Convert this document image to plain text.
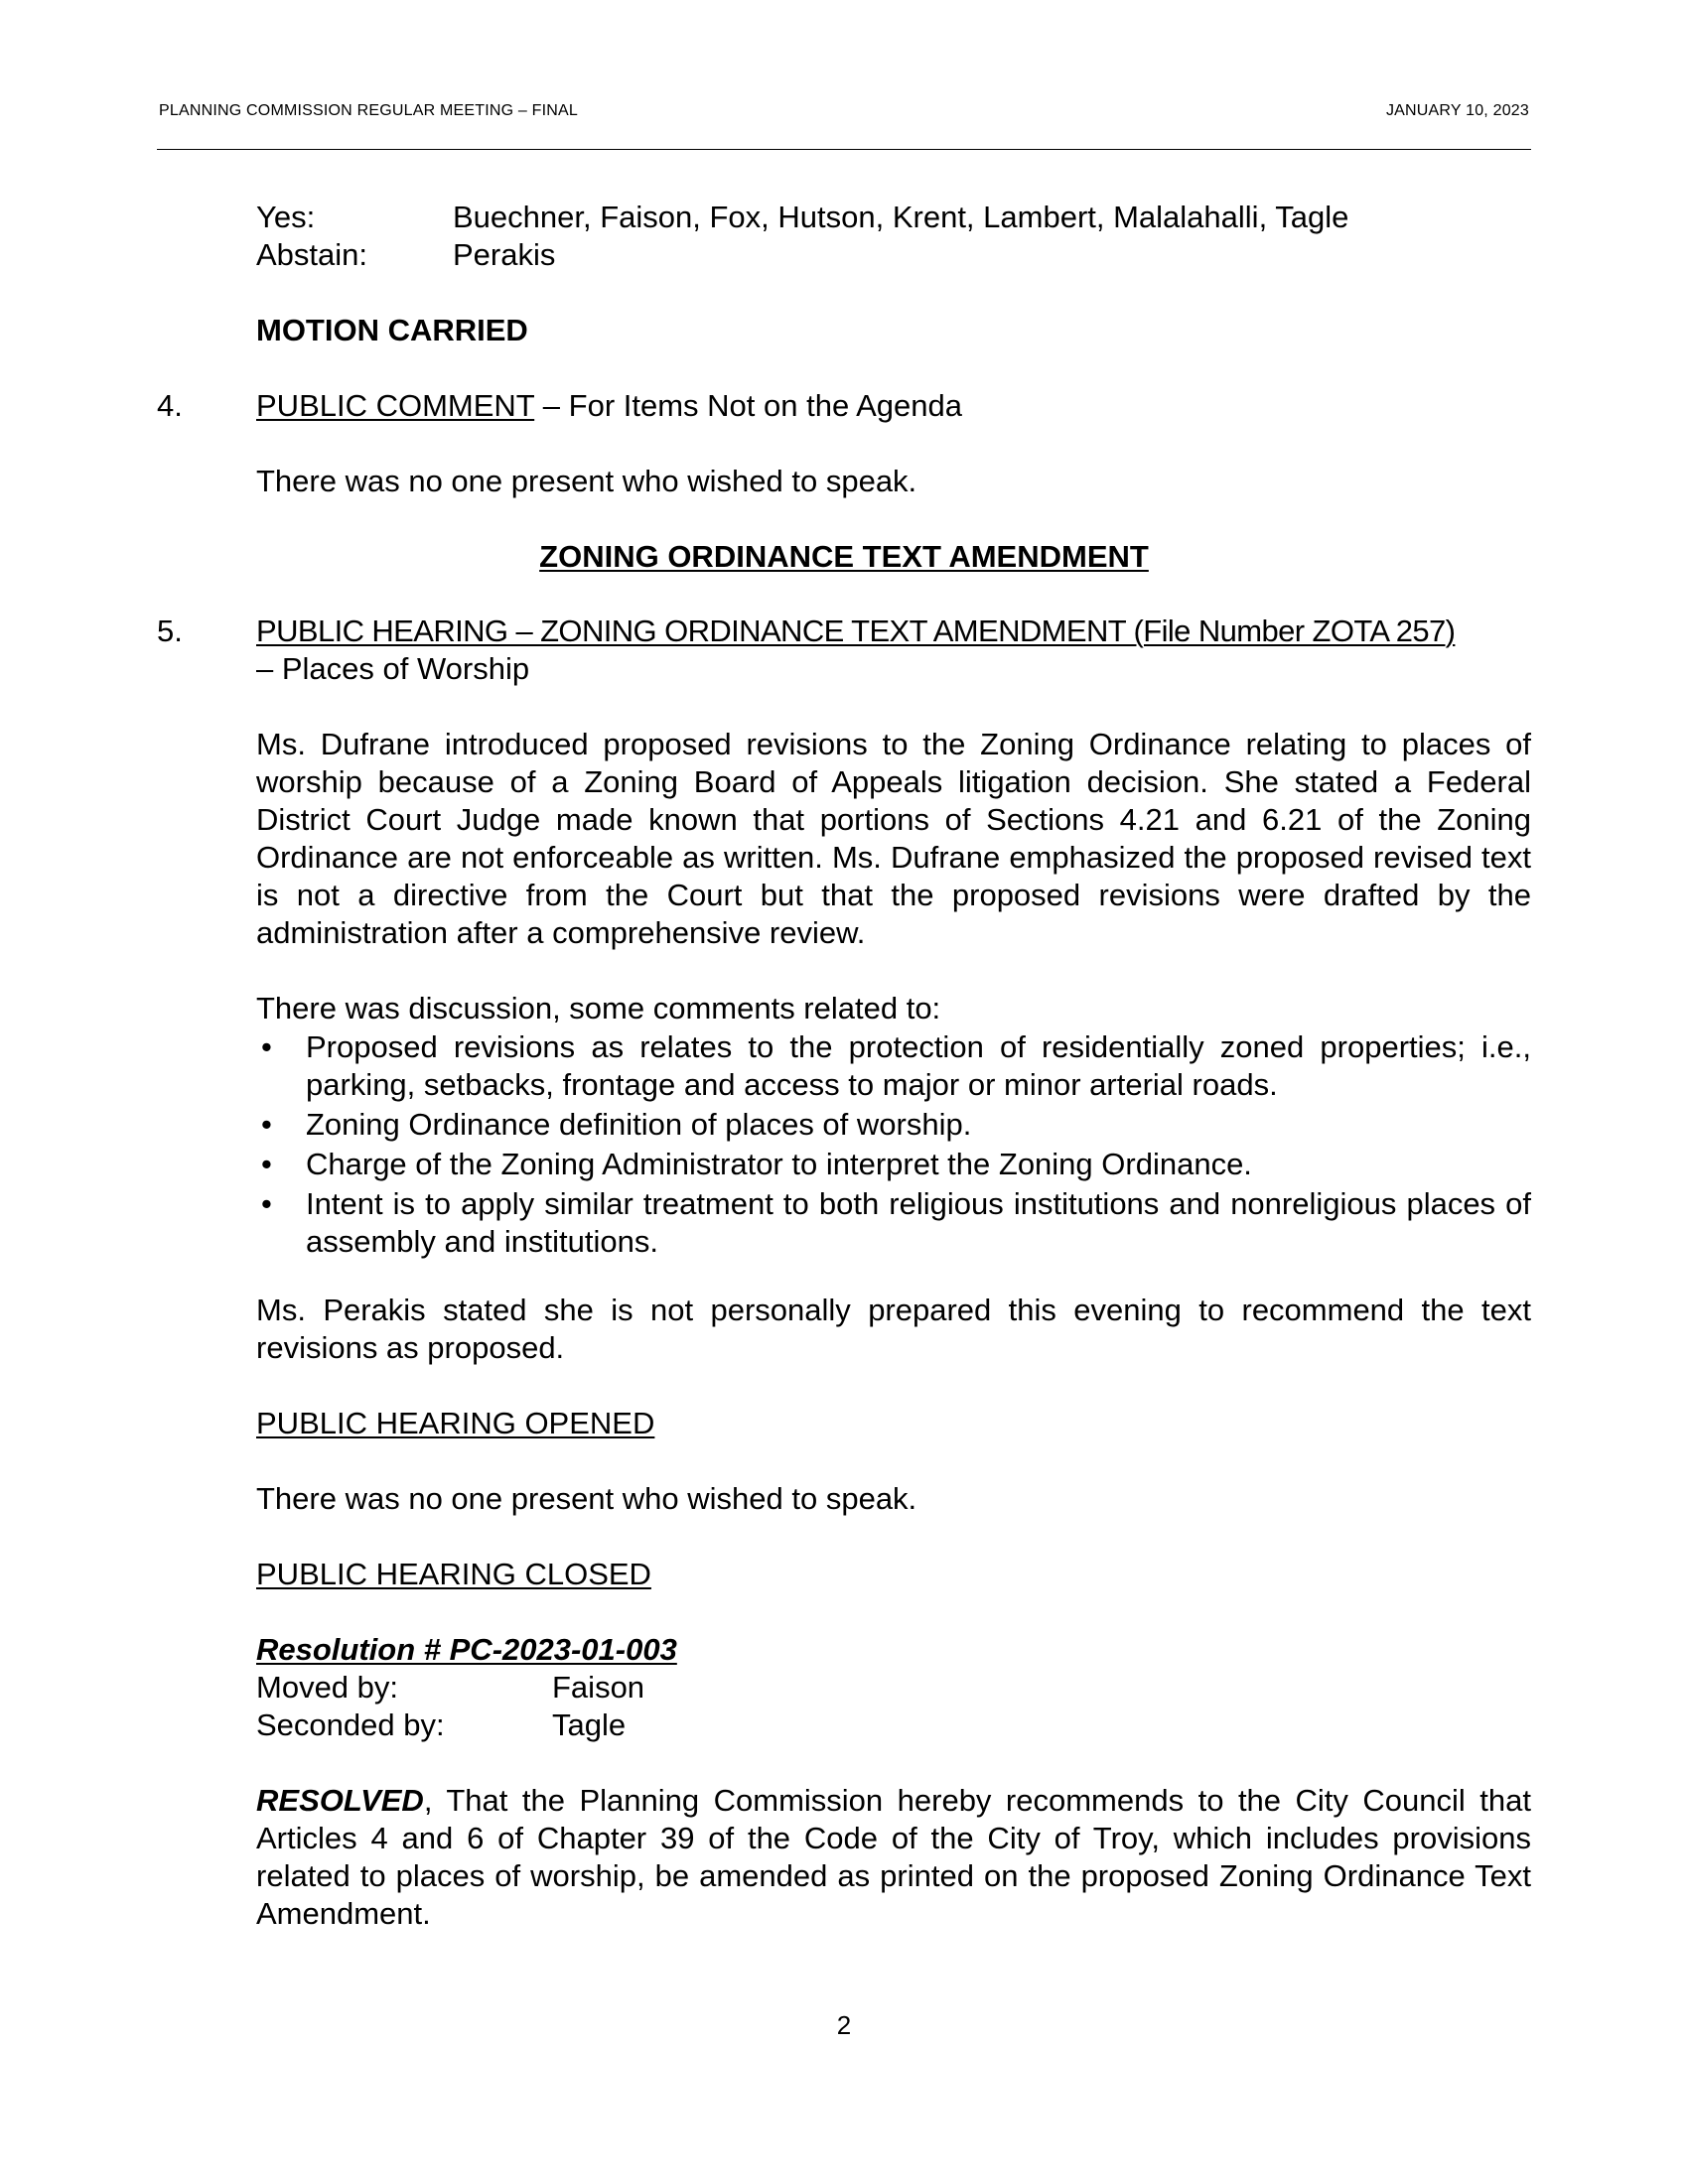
PLANNING COMMISSION REGULAR MEETING – FINAL	JANUARY 10, 2023
Yes:	Buechner, Faison, Fox, Hutson, Krent, Lambert, Malalahalli, Tagle
Abstain:	Perakis
MOTION CARRIED
4. PUBLIC COMMENT – For Items Not on the Agenda
There was no one present who wished to speak.
ZONING ORDINANCE TEXT AMENDMENT
5. PUBLIC HEARING – ZONING ORDINANCE TEXT AMENDMENT (File Number ZOTA 257)
– Places of Worship
Ms. Dufrane introduced proposed revisions to the Zoning Ordinance relating to places of worship because of a Zoning Board of Appeals litigation decision. She stated a Federal District Court Judge made known that portions of Sections 4.21 and 6.21 of the Zoning Ordinance are not enforceable as written. Ms. Dufrane emphasized the proposed revised text is not a directive from the Court but that the proposed revisions were drafted by the administration after a comprehensive review.
There was discussion, some comments related to:
• Proposed revisions as relates to the protection of residentially zoned properties; i.e., parking, setbacks, frontage and access to major or minor arterial roads.
• Zoning Ordinance definition of places of worship.
• Charge of the Zoning Administrator to interpret the Zoning Ordinance.
• Intent is to apply similar treatment to both religious institutions and nonreligious places of assembly and institutions.
Ms. Perakis stated she is not personally prepared this evening to recommend the text revisions as proposed.
PUBLIC HEARING OPENED
There was no one present who wished to speak.
PUBLIC HEARING CLOSED
Resolution # PC-2023-01-003
Moved by:	Faison
Seconded by:	Tagle
RESOLVED, That the Planning Commission hereby recommends to the City Council that Articles 4 and 6 of Chapter 39 of the Code of the City of Troy, which includes provisions related to places of worship, be amended as printed on the proposed Zoning Ordinance Text Amendment.
2
